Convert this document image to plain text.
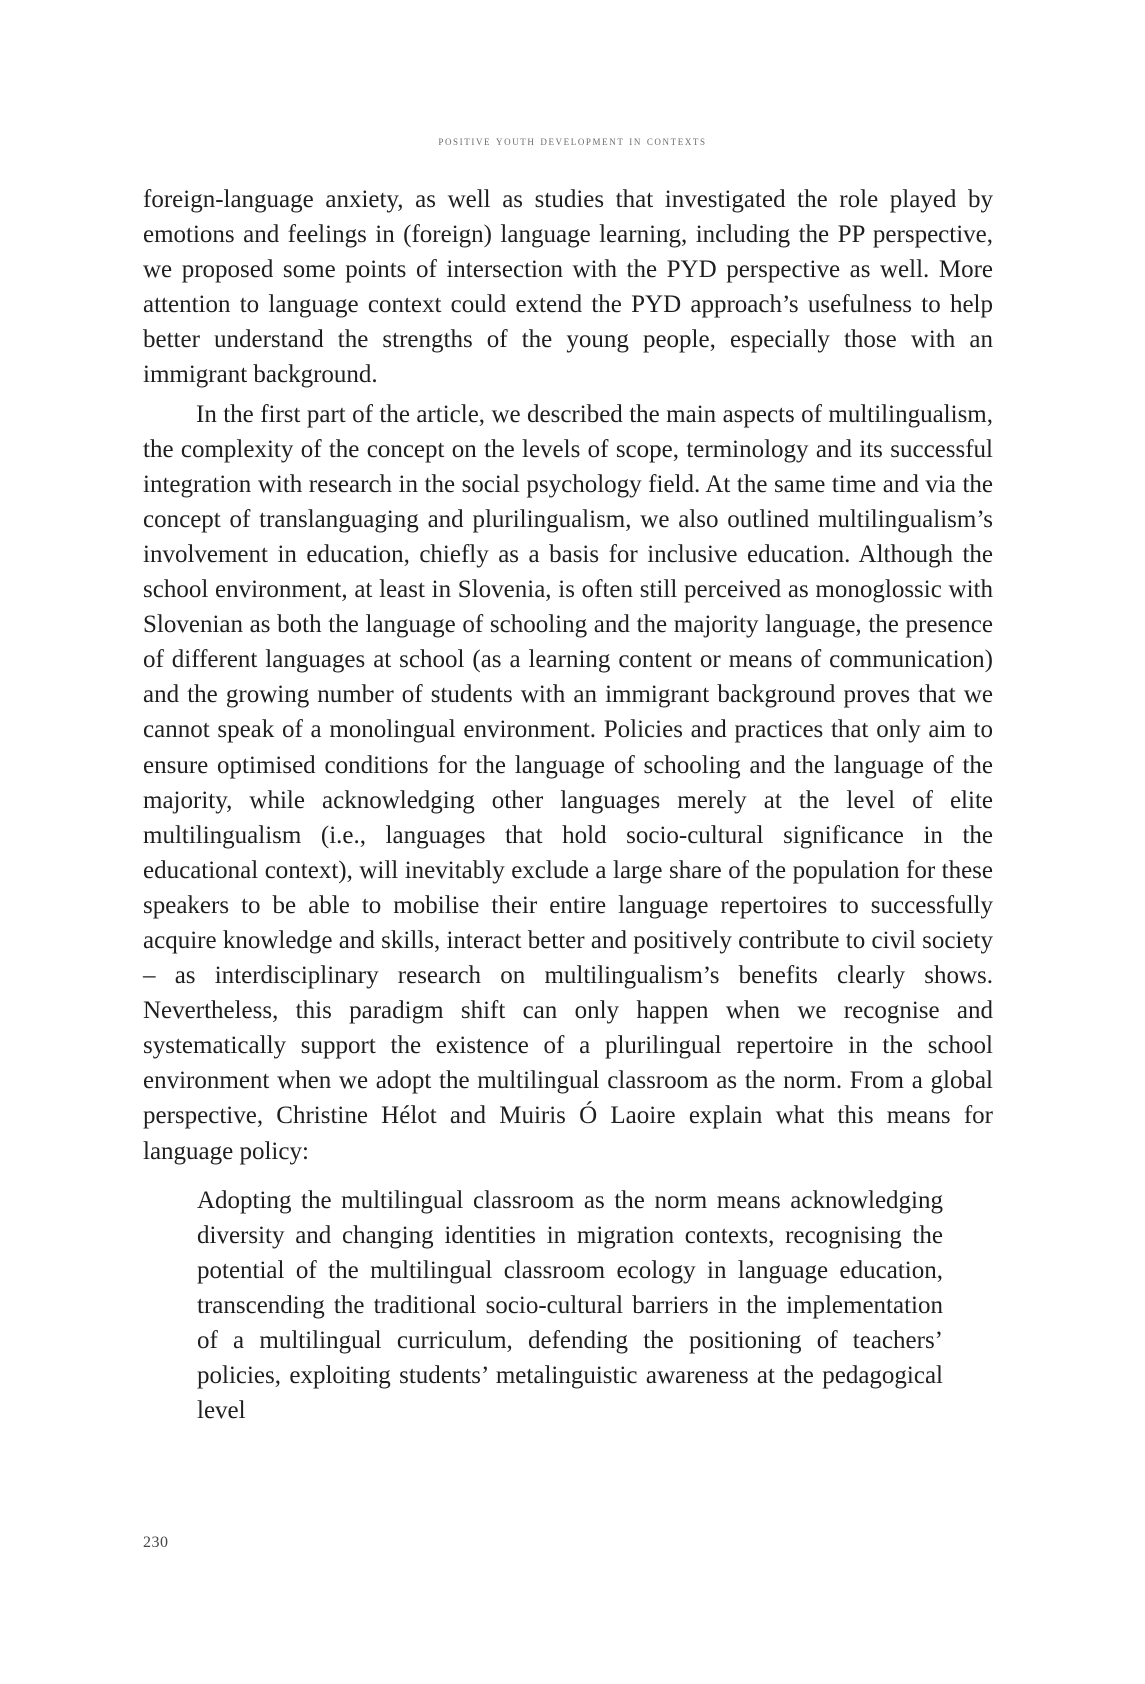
positive youth development in contexts

foreign-language anxiety, as well as studies that investigated the role played by emotions and feelings in (foreign) language learning, including the PP perspective, we proposed some points of intersection with the PYD perspective as well. More attention to language context could extend the PYD approach’s usefulness to help better understand the strengths of the young people, especially those with an immigrant background.

In the first part of the article, we described the main aspects of multilingualism, the complexity of the concept on the levels of scope, terminology and its successful integration with research in the social psychology field. At the same time and via the concept of translanguaging and plurilingualism, we also outlined multilingualism’s involvement in education, chiefly as a basis for inclusive education. Although the school environment, at least in Slovenia, is often still perceived as monoglossic with Slovenian as both the language of schooling and the majority language, the presence of different languages at school (as a learning content or means of communication) and the growing number of students with an immigrant background proves that we cannot speak of a monolingual environment. Policies and practices that only aim to ensure optimised conditions for the language of schooling and the language of the majority, while acknowledging other languages merely at the level of elite multilingualism (i.e., languages that hold socio-cultural significance in the educational context), will inevitably exclude a large share of the population for these speakers to be able to mobilise their entire language repertoires to successfully acquire knowledge and skills, interact better and positively contribute to civil society – as interdisciplinary research on multilingualism’s benefits clearly shows. Nevertheless, this paradigm shift can only happen when we recognise and systematically support the existence of a plurilingual repertoire in the school environment when we adopt the multilingual classroom as the norm. From a global perspective, Christine Hélot and Muiris Ó Laoire explain what this means for language policy:

Adopting the multilingual classroom as the norm means acknowledging diversity and changing identities in migration contexts, recognising the potential of the multilingual classroom ecology in language education, transcending the traditional socio-cultural barriers in the implementation of a multilingual curriculum, defending the positioning of teachers’ policies, exploiting students’ metalinguistic awareness at the pedagogical level

230
